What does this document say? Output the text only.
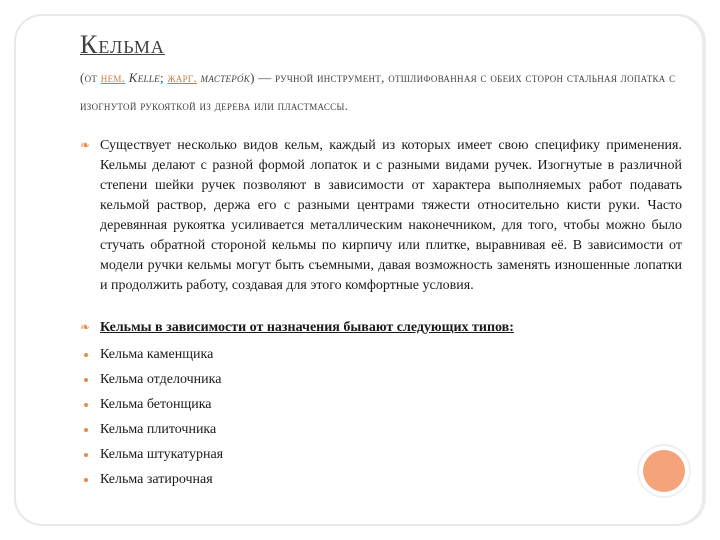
Кельма
(от нем. Kelle; жарг. мастеро́к) — ручной инструмент, отшлифованная с обеих сторон стальная лопатка с изогнутой рукояткой из дерева или пластмассы.
❧ Существует несколько видов кельм, каждый из которых имеет свою специфику применения. Кельмы делают с разной формой лопаток и с разными видами ручек. Изогнутые в различной степени шейки ручек позволяют в зависимости от характера выполняемых работ подавать кельмой раствор, держа его с разными центрами тяжести относительно кисти руки. Часто деревянная рукоятка усиливается металлическим наконечником, для того, чтобы можно было стучать обратной стороной кельмы по кирпичу или плитке, выравнивая её. В зависимости от модели ручки кельмы могут быть съемными, давая возможность заменять изношенные лопатки и продолжить работу, создавая для этого комфортные условия.
❧ Кельмы в зависимости от назначения бывают следующих типов:
Кельма каменщика
Кельма отделочника
Кельма бетонщика
Кельма плиточника
Кельма штукатурная
Кельма затирочная
